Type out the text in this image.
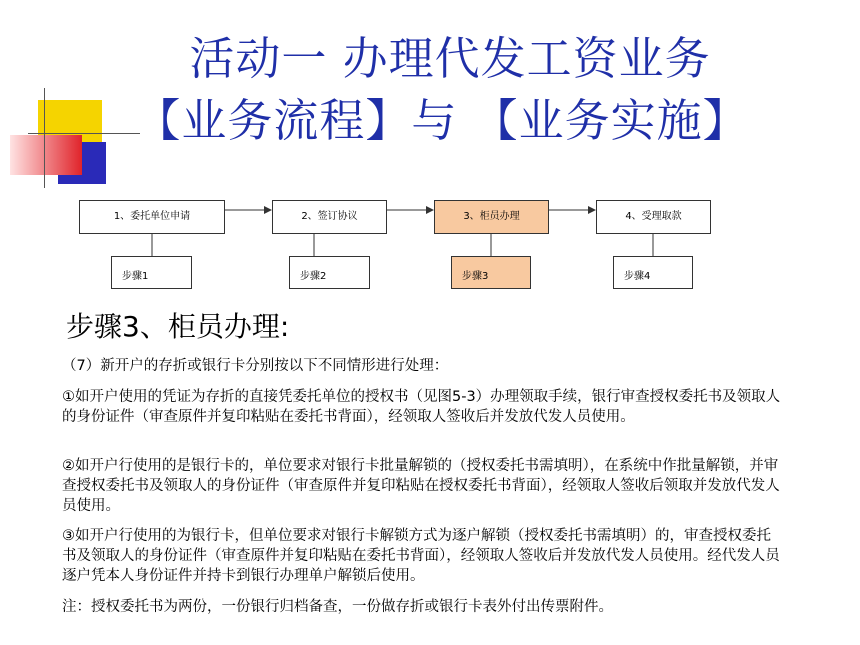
活动一 办理代发工资业务
【业务流程】与 【业务实施】
1、委托单位申请	2、签订协议	3、柜员办理	4、受理取款
步骤1	步骤2	步骤3	步骤4
步骤3、柜员办理:

（7）新开户的存折或银行卡分别按以下不同情形进行处理：

①如开户使用的凭证为存折的直接凭委托单位的授权书（见图5-3）办理领取手续，银行审查授权委托书及领取人的身份证件（审查原件并复印粘贴在委托书背面），经领取人签收后并发放代发人员使用。

②如开户行使用的是银行卡的，单位要求对银行卡批量解锁的（授权委托书需填明），在系统中作批量解锁，并审查授权委托书及领取人的身份证件（审查原件并复印粘贴在授权委托书背面），经领取人签收后领取并发放代发人员使用。

③如开户行使用的为银行卡，但单位要求对银行卡解锁方式为逐户解锁（授权委托书需填明）的，审查授权委托书及领取人的身份证件（审查原件并复印粘贴在委托书背面），经领取人签收后并发放代发人员使用。经代发人员逐户凭本人身份证件并持卡到银行办理单户解锁后使用。

注：授权委托书为两份，一份银行归档备查，一份做存折或银行卡表外付出传票附件。
